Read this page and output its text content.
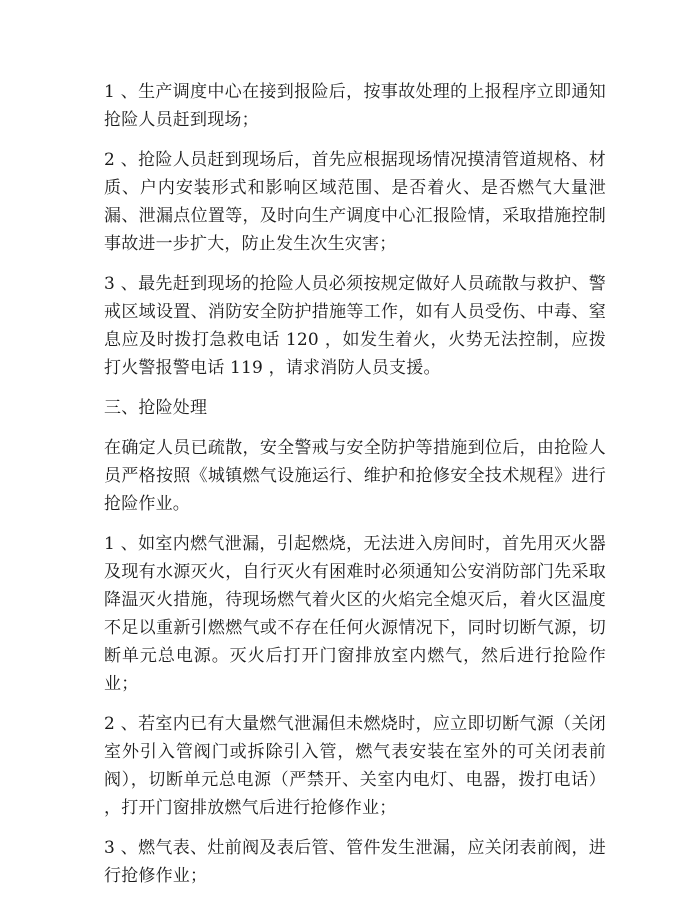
1 、生产调度中心在接到报险后，按事故处理的上报程序立即通知抢险人员赶到现场；

2 、抢险人员赶到现场后，首先应根据现场情况摸清管道规格、材质、户内安装形式和影响区域范围、是否着火、是否燃气大量泄漏、泄漏点位置等，及时向生产调度中心汇报险情，采取措施控制事故进一步扩大，防止发生次生灾害；

3 、最先赶到现场的抢险人员必须按规定做好人员疏散与救护、警戒区域设置、消防安全防护措施等工作，如有人员受伤、中毒、窒息应及时拨打急救电话 120 ，如发生着火，火势无法控制，应拨打火警报警电话 119 ，请求消防人员支援。

三、抢险处理

在确定人员已疏散，安全警戒与安全防护等措施到位后，由抢险人员严格按照《城镇燃气设施运行、维护和抢修安全技术规程》进行抢险作业。

1 、如室内燃气泄漏，引起燃烧，无法进入房间时，首先用灭火器及现有水源灭火，自行灭火有困难时必须通知公安消防部门先采取降温灭火措施，待现场燃气着火区的火焰完全熄灭后，着火区温度不足以重新引燃燃气或不存在任何火源情况下，同时切断气源，切断单元总电源。灭火后打开门窗排放室内燃气，然后进行抢险作业；

2 、若室内已有大量燃气泄漏但未燃烧时，应立即切断气源（关闭室外引入管阀门或拆除引入管，燃气表安装在室外的可关闭表前阀），切断单元总电源（严禁开、关室内电灯、电器，拨打电话） ，打开门窗排放燃气后进行抢修作业；

3 、燃气表、灶前阀及表后管、管件发生泄漏，应关闭表前阀，进行抢修作业；
